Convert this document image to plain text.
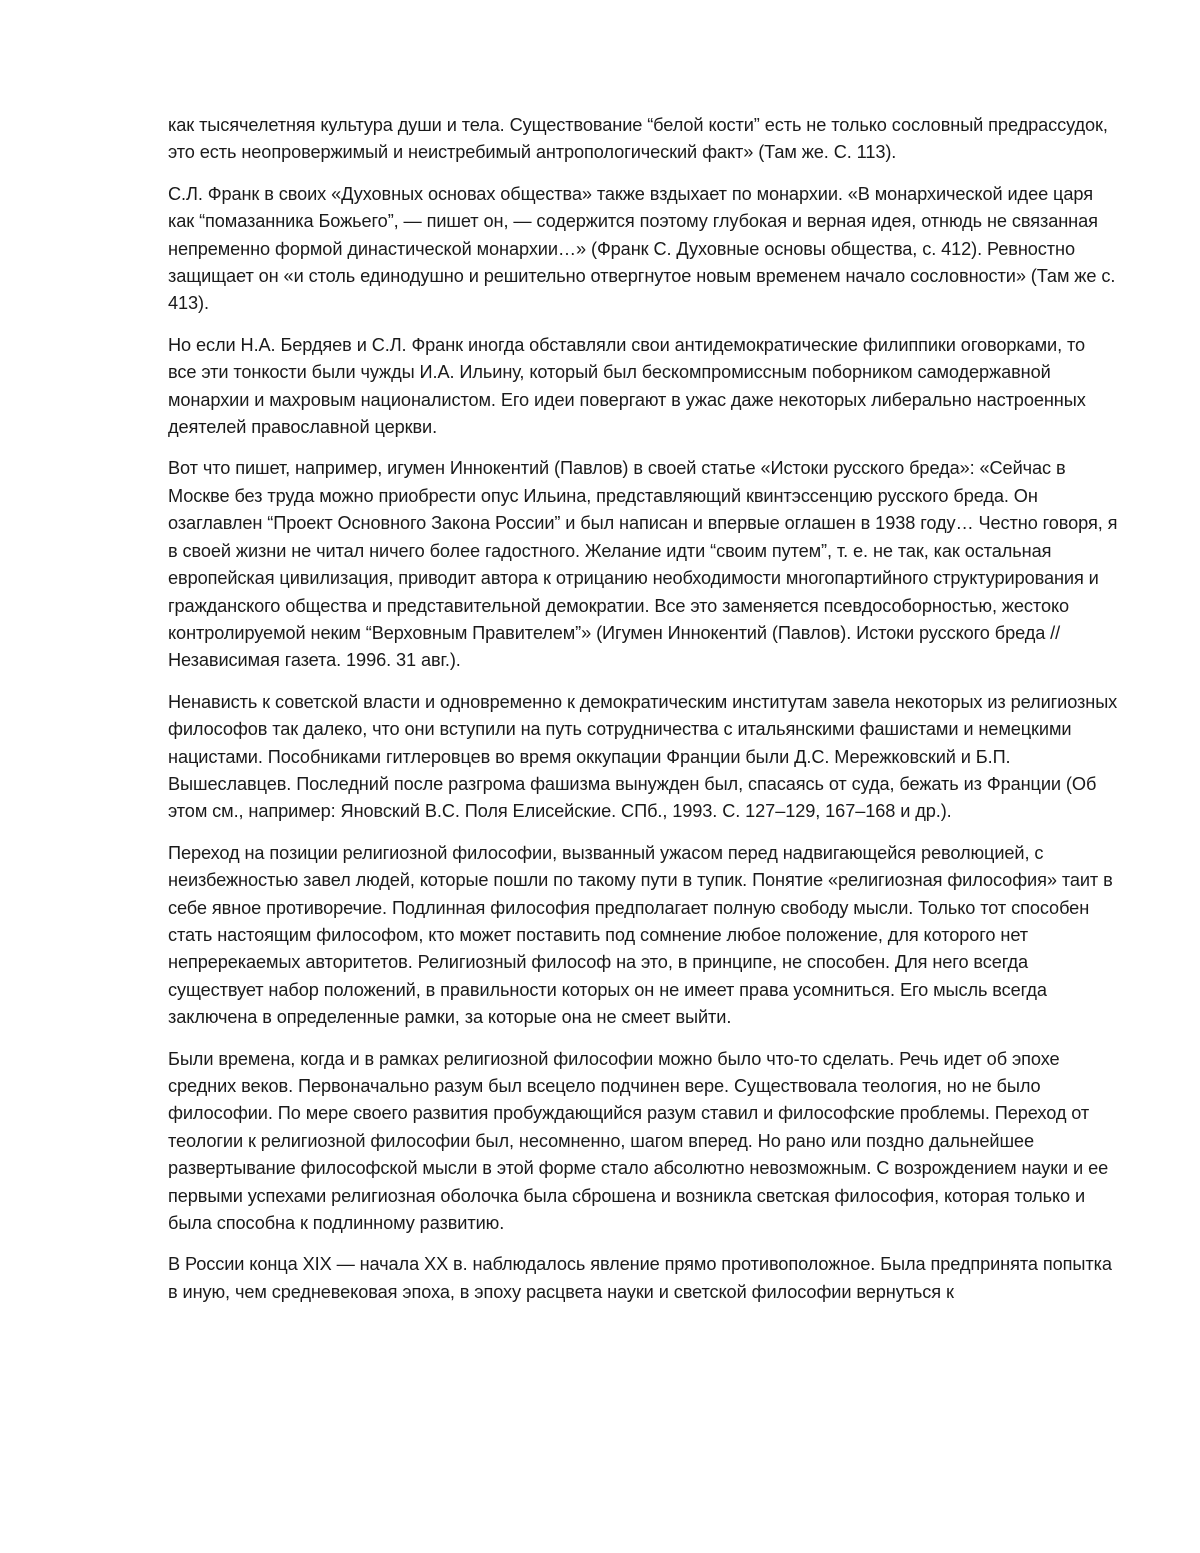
как тысячелетняя культура души и тела. Существование “белой кости” есть не только сословный предрассудок, это есть неопровержимый и неистребимый антропологический факт» (Там же. С. 113).

С.Л. Франк в своих «Духовных основах общества» также вздыхает по монархии. «В монархической идее царя как “помазанника Божьего”, — пишет он, — содержится поэтому глубокая и верная идея, отнюдь не связанная непременно формой династической монархии…» (Франк С. Духовные основы общества, с. 412). Ревностно защищает он «и столь единодушно и решительно отвергнутое новым временем начало сословности» (Там же с. 413).

Но если Н.А. Бердяев и С.Л. Франк иногда обставляли свои антидемократические филиппики оговорками, то все эти тонкости были чужды И.А. Ильину, который был бескомпромиссным поборником самодержавной монархии и махровым националистом. Его идеи повергают в ужас даже некоторых либерально настроенных деятелей православной церкви.

Вот что пишет, например, игумен Иннокентий (Павлов) в своей статье «Истоки русского бреда»: «Сейчас в Москве без труда можно приобрести опус Ильина, представляющий квинтэссенцию русского бреда. Он озаглавлен “Проект Основного Закона России” и был написан и впервые оглашен в 1938 году… Честно говоря, я в своей жизни не читал ничего более гадостного. Желание идти “своим путем”, т. е. не так, как остальная европейская цивилизация, приводит автора к отрицанию необходимости многопартийного структурирования и гражданского общества и представительной демократии. Все это заменяется псевдособорностью, жестоко контролируемой неким “Верховным Правителем”» (Игумен Иннокентий (Павлов). Истоки русского бреда // Независимая газета. 1996. 31 авг.).

Ненависть к советской власти и одновременно к демократическим институтам завела некоторых из религиозных философов так далеко, что они вступили на путь сотрудничества с итальянскими фашистами и немецкими нацистами. Пособниками гитлеровцев во время оккупации Франции были Д.С. Мережковский и Б.П. Вышеславцев. Последний после разгрома фашизма вынужден был, спасаясь от суда, бежать из Франции (Об этом см., например: Яновский В.С. Поля Елисейские. СПб., 1993. С. 127–129, 167–168 и др.).

Переход на позиции религиозной философии, вызванный ужасом перед надвигающейся революцией, с неизбежностью завел людей, которые пошли по такому пути в тупик. Понятие «религиозная философия» таит в себе явное противоречие. Подлинная философия предполагает полную свободу мысли. Только тот способен стать настоящим философом, кто может поставить под сомнение любое положение, для которого нет непререкаемых авторитетов. Религиозный философ на это, в принципе, не способен. Для него всегда существует набор положений, в правильности которых он не имеет права усомниться. Его мысль всегда заключена в определенные рамки, за которые она не смеет выйти.

Были времена, когда и в рамках религиозной философии можно было что-то сделать. Речь идет об эпохе средних веков. Первоначально разум был всецело подчинен вере. Существовала теология, но не было философии. По мере своего развития пробуждающийся разум ставил и философские проблемы. Переход от теологии к религиозной философии был, несомненно, шагом вперед. Но рано или поздно дальнейшее развертывание философской мысли в этой форме стало абсолютно невозможным. С возрождением науки и ее первыми успехами религиозная оболочка была сброшена и возникла светская философия, которая только и была способна к подлинному развитию.

В России конца XIX — начала XX в. наблюдалось явление прямо противоположное. Была предпринята попытка в иную, чем средневековая эпоха, в эпоху расцвета науки и светской философии вернуться к
